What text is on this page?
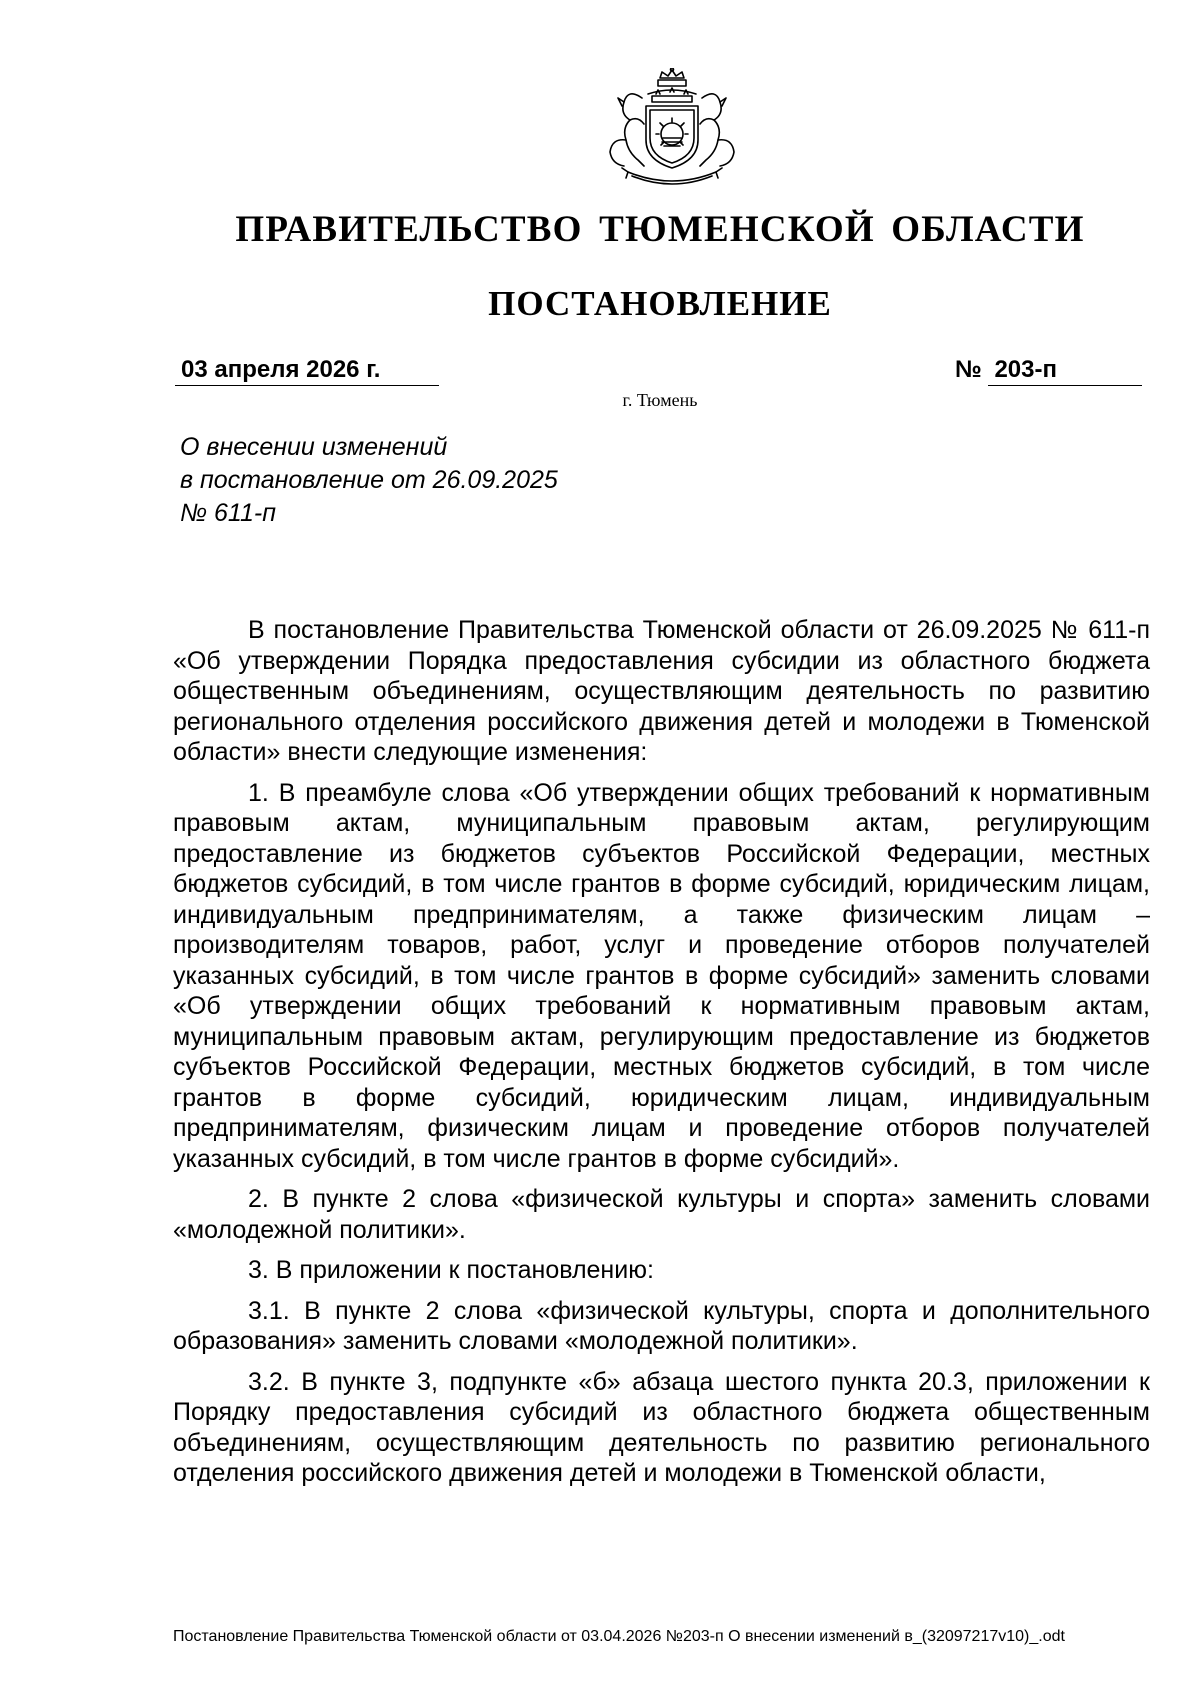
ПРАВИТЕЛЬСТВО ТЮМЕНСКОЙ ОБЛАСТИ
ПОСТАНОВЛЕНИЕ
03 апреля 2026 г.	№ 203-п
г. Тюмень
О внесении изменений
в постановление от 26.09.2025
№ 611-п

В постановление Правительства Тюменской области от 26.09.2025 № 611-п «Об утверждении Порядка предоставления субсидии из областного бюджета общественным объединениям, осуществляющим деятельность по развитию регионального отделения российского движения детей и молодежи в Тюменской области» внести следующие изменения:

1. В преамбуле слова «Об утверждении общих требований к нормативным правовым актам, муниципальным правовым актам, регулирующим предоставление из бюджетов субъектов Российской Федерации, местных бюджетов субсидий, в том числе грантов в форме субсидий, юридическим лицам, индивидуальным предпринимателям, а также физическим лицам – производителям товаров, работ, услуг и проведение отборов получателей указанных субсидий, в том числе грантов в форме субсидий» заменить словами «Об утверждении общих требований к нормативным правовым актам, муниципальным правовым актам, регулирующим предоставление из бюджетов субъектов Российской Федерации, местных бюджетов субсидий, в том числе грантов в форме субсидий, юридическим лицам, индивидуальным предпринимателям, физическим лицам и проведение отборов получателей указанных субсидий, в том числе грантов в форме субсидий».

2. В пункте 2 слова «физической культуры и спорта» заменить словами «молодежной политики».

3. В приложении к постановлению:

3.1. В пункте 2 слова «физической культуры, спорта и дополнительного образования» заменить словами «молодежной политики».

3.2. В пункте 3, подпункте «б» абзаца шестого пункта 20.3, приложении к Порядку предоставления субсидий из областного бюджета общественным объединениям, осуществляющим деятельность по развитию регионального отделения российского движения детей и молодежи в Тюменской области,

Постановление Правительства Тюменской области от 03.04.2026 №203-п О внесении изменений в_(32097217v10)_.odt
